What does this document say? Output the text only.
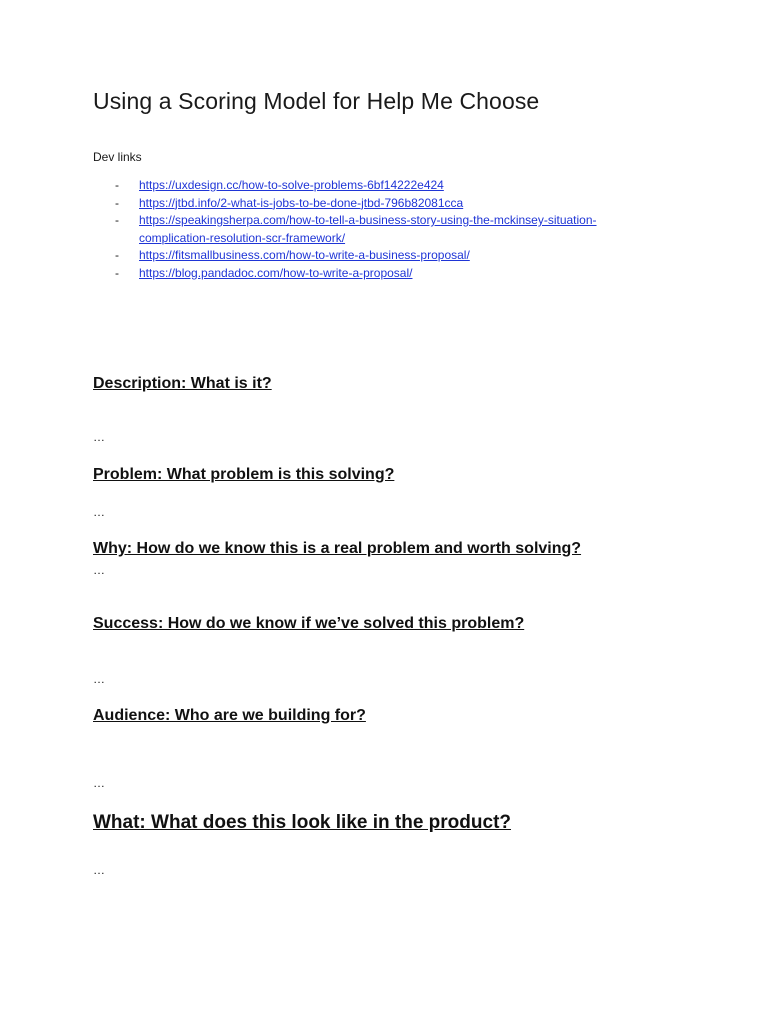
Using a Scoring Model for Help Me Choose
Dev links
- https://uxdesign.cc/how-to-solve-problems-6bf14222e424
- https://jtbd.info/2-what-is-jobs-to-be-done-jtbd-796b82081cca
- https://speakingsherpa.com/how-to-tell-a-business-story-using-the-mckinsey-situation-
complication-resolution-scr-framework/
- https://fitsmallbusiness.com/how-to-write-a-business-proposal/
- https://blog.pandadoc.com/how-to-write-a-proposal/
Description: What is it?
…
Problem: What problem is this solving?
…
Why: How do we know this is a real problem and worth solving?
…
Success: How do we know if we’ve solved this problem?
…
Audience: Who are we building for?
…
What: What does this look like in the product?
…
